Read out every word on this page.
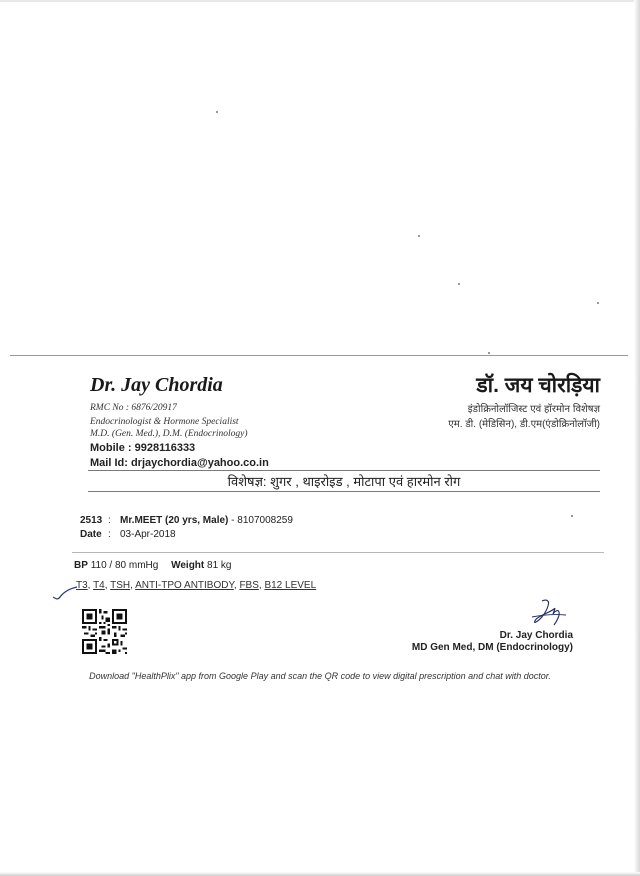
Dr. Jay Chordia
RMC No : 6876/20917
Endocrinologist & Hormone Specialist
M.D. (Gen. Med.), D.M. (Endocrinology)
Mobile : 9928116333
Mail Id: drjaychordia@yahoo.co.in
डॉ. जय चोरड़िया
इंडोक्रिनोलॉजिस्ट एवं हॉरमोन विशेषज्ञ
एम. डी. (मेडिसिन), डी.एम(एंडोक्रिनोलॉजी)
विशेषज्ञ: शुगर , थाइरोइड , मोटापा एवं हारमोन रोग
2513 : Mr.MEET (20 yrs, Male) - 8107008259
Date : 03-Apr-2018
BP 110 / 80 mmHg Weight 81 kg
T3, T4, TSH, ANTI-TPO ANTIBODY, FBS, B12 LEVEL
Dr. Jay Chordia
MD Gen Med, DM (Endocrinology)
Download "HealthPlix" app from Google Play and scan the QR code to view digital prescription and chat with doctor.
